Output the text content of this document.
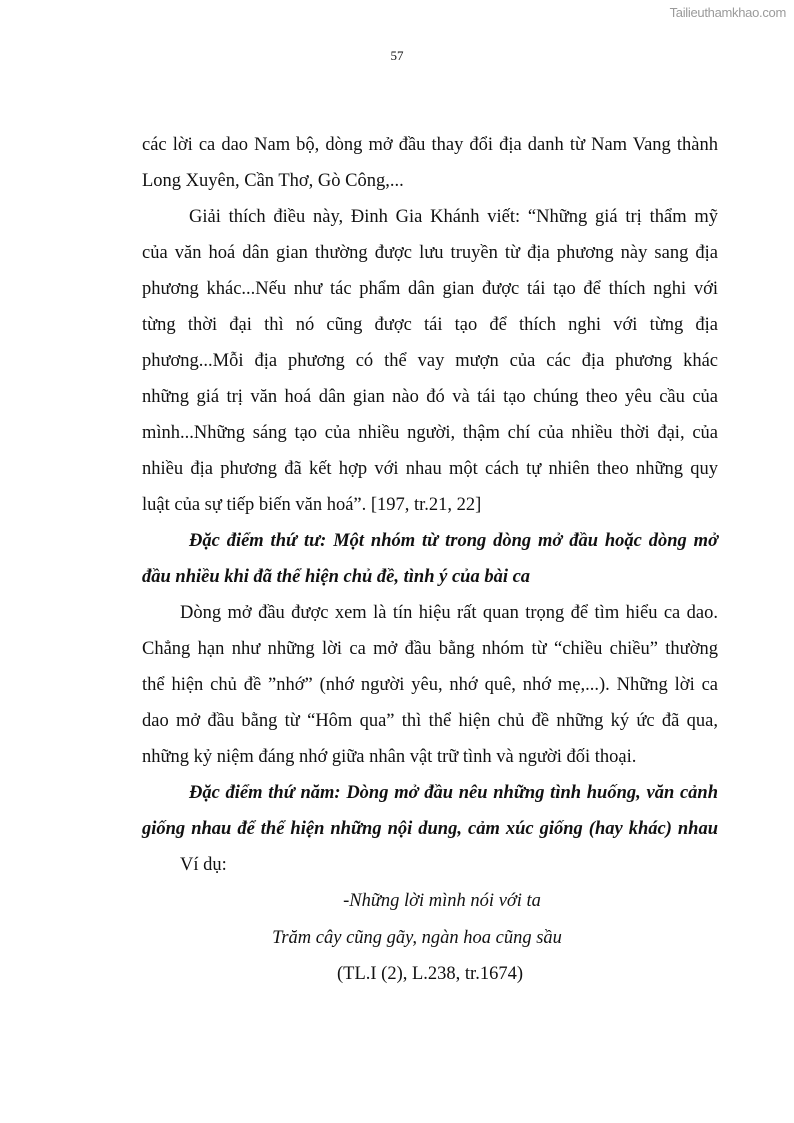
Tailieuthamkhao.com
57
các lời ca dao Nam bộ, dòng mở đầu thay đổi địa danh từ Nam Vang thành
Long Xuyên, Cần Thơ, Gò Công,...
Giải thích điều này, Đinh Gia Khánh viết: “Những giá trị thẩm mỹ
của văn hoá dân gian thường được lưu truyền từ địa phương này sang địa
phương khác...Nếu như tác phẩm dân gian được tái tạo để thích nghi với
từng thời đại thì nó cũng được tái tạo để thích nghi với từng địa
phương...Mỗi địa phương có thể vay mượn của các địa phương khác
những giá trị văn hoá dân gian nào đó và tái tạo chúng theo yêu cầu của
mình...Những sáng tạo của nhiều người, thậm chí của nhiều thời đại, của
nhiều địa phương đã kết hợp với nhau một cách tự nhiên theo những quy
luật của sự tiếp biến văn hoá”. [197, tr.21, 22]
Đặc điểm thứ tư: Một nhóm từ trong dòng mở đầu hoặc dòng mở
đầu nhiều khi đã thể hiện chủ đề, tình ý của bài ca
Dòng mở đầu được xem là tín hiệu rất quan trọng để tìm hiểu ca dao.
Chẳng hạn như những lời ca mở đầu bằng nhóm từ “chiều chiều” thường
thể hiện chủ đề ”nhớ” (nhớ người yêu, nhớ quê, nhớ mẹ,...). Những lời ca
dao mở đầu bằng từ “Hôm qua” thì thể hiện chủ đề những ký ức đã qua,
những kỷ niệm đáng nhớ giữa nhân vật trữ tình và người đối thoại.
Đặc điểm thứ năm: Dòng mở đầu nêu những tình huống, văn cảnh
giống nhau để thể hiện những nội dung, cảm xúc giống (hay khác) nhau
Ví dụ:
-Những lời mình nói với ta
Trăm cây cũng gãy, ngàn hoa cũng sầu
(TL.I (2), L.238, tr.1674)
